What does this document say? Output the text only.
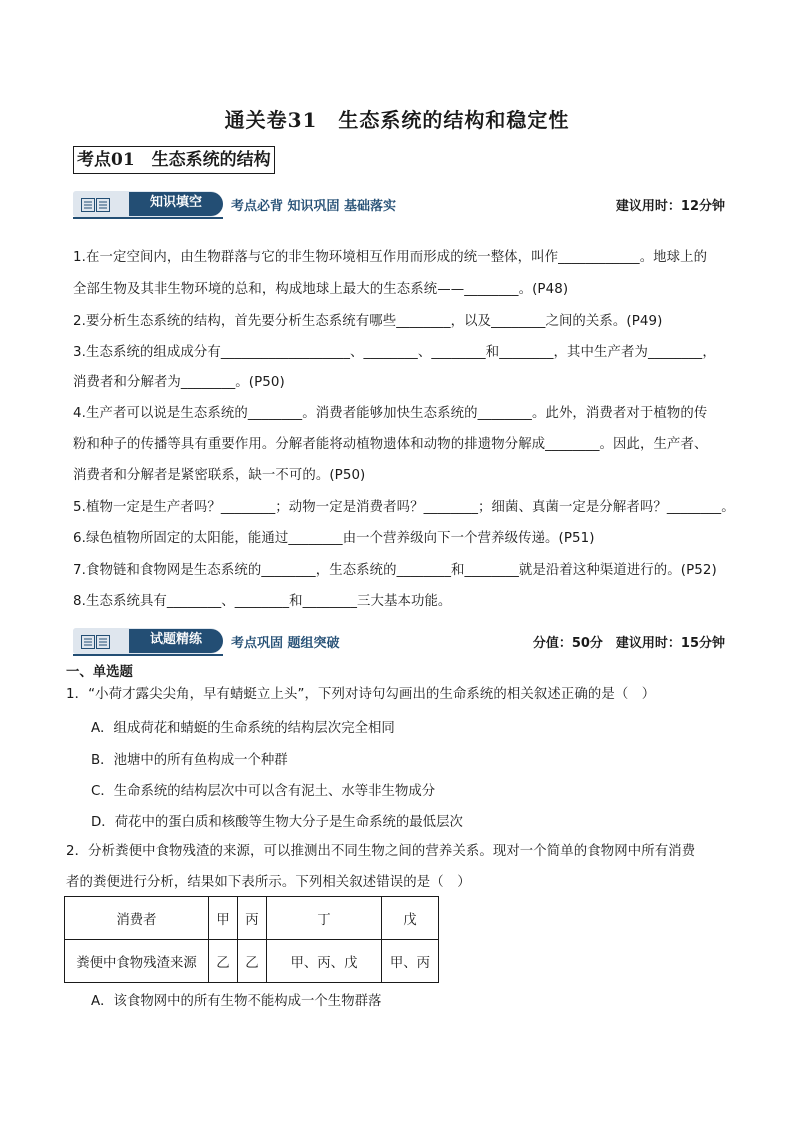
通关卷31　生态系统的结构和稳定性
考点01　生态系统的结构
知识填空	考点必背 知识巩固 基础落实	建议用时：12分钟
1.在一定空间内，由生物群落与它的非生物环境相互作用而形成的统一整体，叫作____________。地球上的
全部生物及其非生物环境的总和，构成地球上最大的生态系统——________。(P48)
2.要分析生态系统的结构，首先要分析生态系统有哪些________，以及________之间的关系。(P49)
3.生态系统的组成成分有___________________、________、________和________，其中生产者为________，
消费者和分解者为________。(P50)
4.生产者可以说是生态系统的________。消费者能够加快生态系统的________。此外，消费者对于植物的传
粉和种子的传播等具有重要作用。分解者能将动植物遗体和动物的排遗物分解成________。因此，生产者、
消费者和分解者是紧密联系，缺一不可的。(P50)
5.植物一定是生产者吗？________；动物一定是消费者吗？________；细菌、真菌一定是分解者吗？________。
6.绿色植物所固定的太阳能，能通过________由一个营养级向下一个营养级传递。(P51)
7.食物链和食物网是生态系统的________，生态系统的________和________就是沿着这种渠道进行的。(P52)
8.生态系统具有________、________和________三大基本功能。
试题精练	考点巩固 题组突破	分值：50分　建议用时：15分钟
一、单选题
1．“小荷才露尖尖角，早有蜻蜓立上头”，下列对诗句勾画出的生命系统的相关叙述正确的是（　）
A．组成荷花和蜻蜓的生命系统的结构层次完全相同
B．池塘中的所有鱼构成一个种群
C．生命系统的结构层次中可以含有泥土、水等非生物成分
D．荷花中的蛋白质和核酸等生物大分子是生命系统的最低层次
2．分析粪便中食物残渣的来源，可以推测出不同生物之间的营养关系。现对一个简单的食物网中所有消费
者的粪便进行分析，结果如下表所示。下列相关叙述错误的是（　）
消费者	甲	丙	丁	戊
粪便中食物残渣来源	乙	乙	甲、丙、戊	甲、丙
A．该食物网中的所有生物不能构成一个生物群落
